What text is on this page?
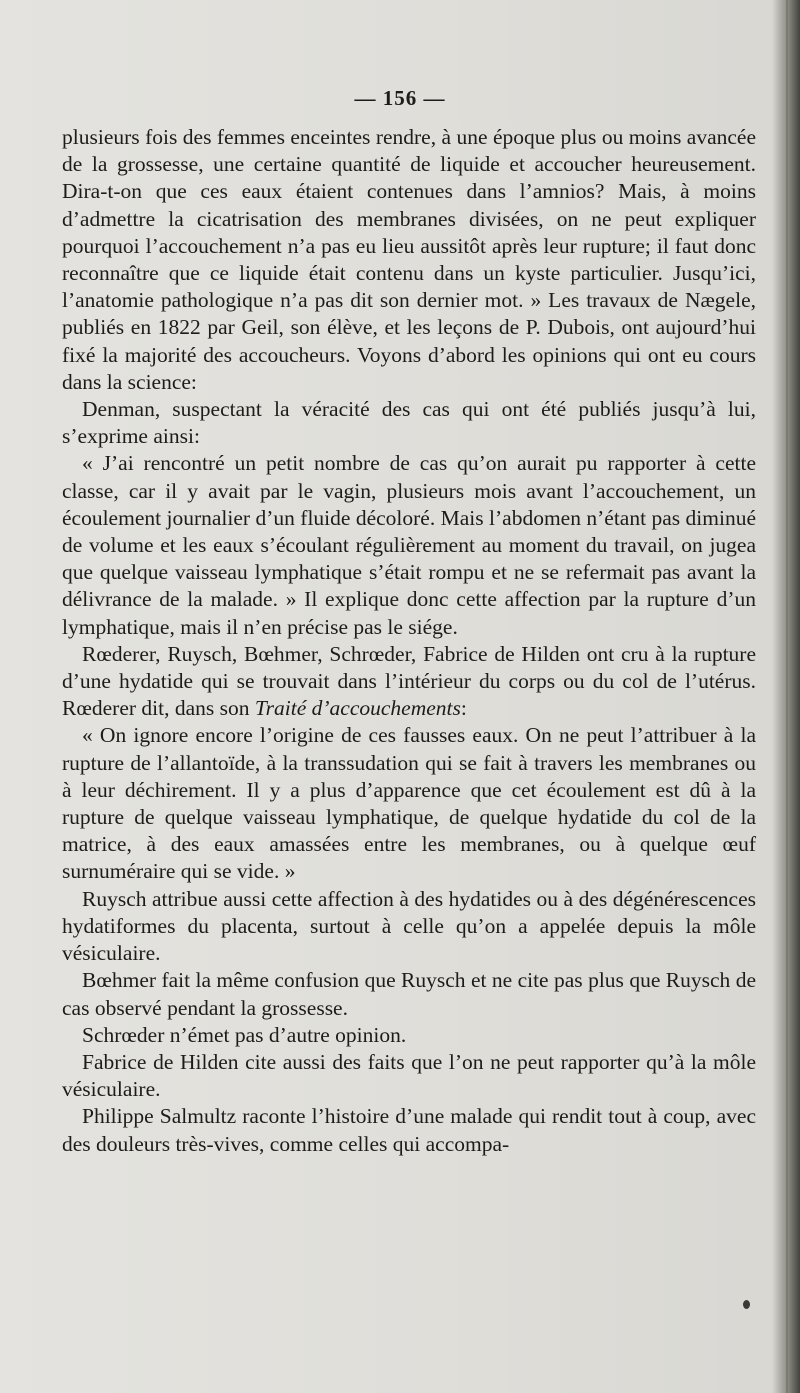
— 156 —

plusieurs fois des femmes enceintes rendre, à une époque plus ou moins avancée de la grossesse, une certaine quantité de liquide et accoucher heureusement. Dira-t-on que ces eaux étaient contenues dans l’amnios? Mais, à moins d’admettre la cicatrisation des membranes divisées, on ne peut expliquer pourquoi l’accouchement n’a pas eu lieu aussitôt après leur rupture; il faut donc reconnaître que ce liquide était contenu dans un kyste particulier. Jusqu’ici, l’anatomie pathologique n’a pas dit son dernier mot. » Les travaux de Nægele, publiés en 1822 par Geil, son élève, et les leçons de P. Dubois, ont aujourd’hui fixé la majorité des accoucheurs. Voyons d’abord les opinions qui ont eu cours dans la science:

Denman, suspectant la véracité des cas qui ont été publiés jusqu’à lui, s’exprime ainsi:

« J’ai rencontré un petit nombre de cas qu’on aurait pu rapporter à cette classe, car il y avait par le vagin, plusieurs mois avant l’accouchement, un écoulement journalier d’un fluide décoloré. Mais l’abdomen n’étant pas diminué de volume et les eaux s’écoulant régulièrement au moment du travail, on jugea que quelque vaisseau lymphatique s’était rompu et ne se refermait pas avant la délivrance de la malade. » Il explique donc cette affection par la rupture d’un lymphatique, mais il n’en précise pas le siége.

Rœderer, Ruysch, Bœhmer, Schrœder, Fabrice de Hilden ont cru à la rupture d’une hydatide qui se trouvait dans l’intérieur du corps ou du col de l’utérus. Rœderer dit, dans son Traité d’accouchements:

« On ignore encore l’origine de ces fausses eaux. On ne peut l’attribuer à la rupture de l’allantoïde, à la transsudation qui se fait à travers les membranes ou à leur déchirement. Il y a plus d’apparence que cet écoulement est dû à la rupture de quelque vaisseau lymphatique, de quelque hydatide du col de la matrice, à des eaux amassées entre les membranes, ou à quelque œuf surnuméraire qui se vide. »

Ruysch attribue aussi cette affection à des hydatides ou à des dégénérescences hydatiformes du placenta, surtout à celle qu’on a appelée depuis la môle vésiculaire.

Bœhmer fait la même confusion que Ruysch et ne cite pas plus que Ruysch de cas observé pendant la grossesse.

Schrœder n’émet pas d’autre opinion.

Fabrice de Hilden cite aussi des faits que l’on ne peut rapporter qu’à la môle vésiculaire.

Philippe Salmultz raconte l’histoire d’une malade qui rendit tout à coup, avec des douleurs très-vives, comme celles qui accompa-
